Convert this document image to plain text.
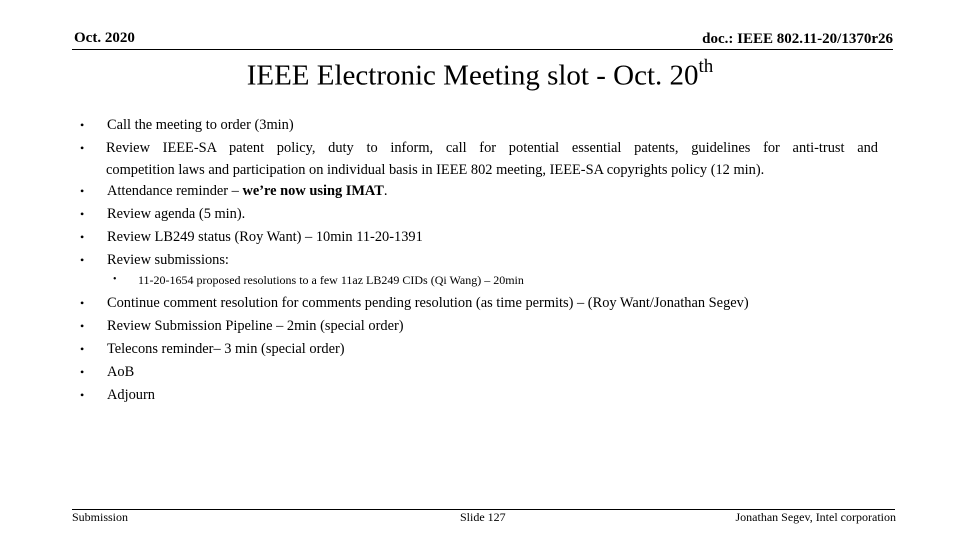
Oct. 2020	doc.: IEEE 802.11-20/1370r26
IEEE Electronic Meeting slot - Oct. 20th
• Call the meeting to order (3min)
• Review IEEE-SA patent policy, duty to inform, call for potential essential patents, guidelines for anti-trust and
competition laws and participation on individual basis in IEEE 802 meeting, IEEE-SA copyrights policy (12 min).
• Attendance reminder – we’re now using IMAT.
• Review agenda (5 min).
• Review LB249 status (Roy Want) – 10min 11-20-1391
• Review submissions:
• 11-20-1654 proposed resolutions to a few 11az LB249 CIDs (Qi Wang) – 20min
• Continue comment resolution for comments pending resolution (as time permits) – (Roy Want/Jonathan Segev)
• Review Submission Pipeline – 2min (special order)
• Telecons reminder– 3 min (special order)
• AoB
• Adjourn
Submission	Slide 127	Jonathan Segev, Intel corporation
